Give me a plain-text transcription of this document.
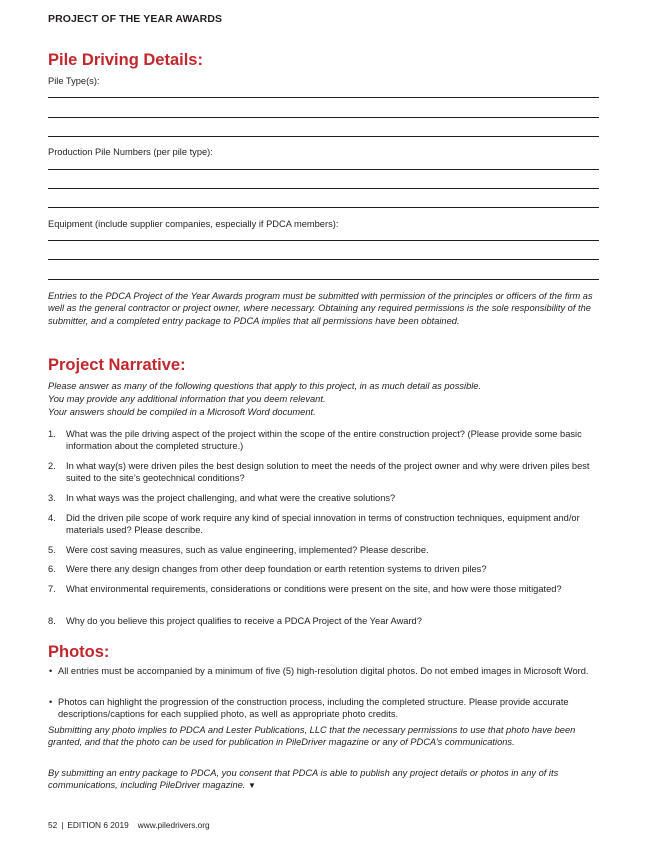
PROJECT OF THE YEAR AWARDS
Pile Driving Details:
Pile Type(s):
Production Pile Numbers (per pile type):
Equipment (include supplier companies, especially if PDCA members):

Entries to the PDCA Project of the Year Awards program must be submitted with permission of the principles or officers of the firm as well as the general contractor or project owner, where necessary. Obtaining any required permissions is the sole responsibility of the submitter, and a completed entry package to PDCA implies that all permissions have been obtained.

Project Narrative:
Please answer as many of the following questions that apply to this project, in as much detail as possible.
You may provide any additional information that you deem relevant.
Your answers should be compiled in a Microsoft Word document.
1. What was the pile driving aspect of the project within the scope of the entire construction project? (Please provide some basic information about the completed structure.)
2. In what way(s) were driven piles the best design solution to meet the needs of the project owner and why were driven piles best suited to the site’s geotechnical conditions?
3. In what ways was the project challenging, and what were the creative solutions?
4. Did the driven pile scope of work require any kind of special innovation in terms of construction techniques, equipment and/or materials used? Please describe.
5. Were cost saving measures, such as value engineering, implemented? Please describe.
6. Were there any design changes from other deep foundation or earth retention systems to driven piles?
7. What environmental requirements, considerations or conditions were present on the site, and how were those mitigated?
8. Why do you believe this project qualifies to receive a PDCA Project of the Year Award?
Photos:
• All entries must be accompanied by a minimum of five (5) high-resolution digital photos. Do not embed images in Microsoft Word.
• Photos can highlight the progression of the construction process, including the completed structure. Please provide accurate descriptions/captions for each supplied photo, as well as appropriate photo credits.

Submitting any photo implies to PDCA and Lester Publications, LLC that the necessary permissions to use that photo have been granted, and that the photo can be used for publication in PileDriver magazine or any of PDCA’s communications.

By submitting an entry package to PDCA, you consent that PDCA is able to publish any project details or photos in any of its communications, including PileDriver magazine. ▼

52 | EDITION 6 2019 www.piledrivers.org
